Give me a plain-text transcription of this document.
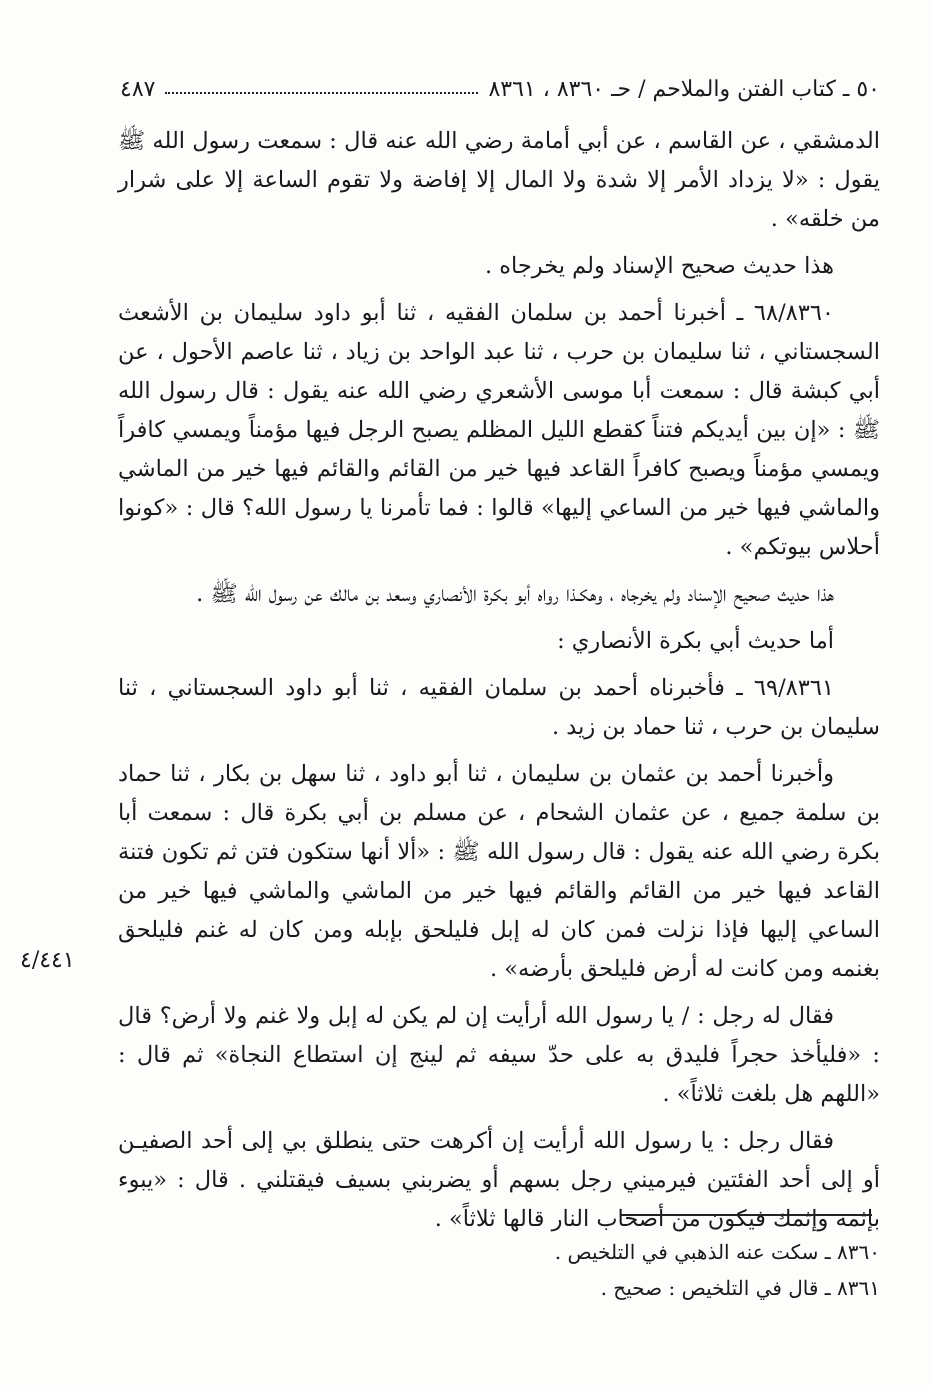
٥٠ ـ كتاب الفتن والملاحم / حـ ٨٣٦٠ ، ٨٣٦١
٤٨٧

الدمشقي ، عن القاسم ، عن أبي أمامة رضي الله عنه قال : سمعت رسول الله ﷺ يقول : «لا يزداد الأمر إلا شدة ولا المال إلا إفاضة ولا تقوم الساعة إلا على شرار من خلقه» .

هذا حديث صحيح الإسناد ولم يخرجاه .

٦٨/٨٣٦٠ ـ أخبرنا أحمد بن سلمان الفقيه ، ثنا أبو داود سليمان بن الأشعث السجستاني ، ثنا سليمان بن حرب ، ثنا عبد الواحد بن زياد ، ثنا عاصم الأحول ، عن أبي كبشة قال : سمعت أبا موسى الأشعري رضي الله عنه يقول : قال رسول الله ﷺ : «إن بين أيديكم فتناً كقطع الليل المظلم يصبح الرجل فيها مؤمناً ويمسي كافراً ويمسي مؤمناً ويصبح كافراً القاعد فيها خير من القائم والقائم فيها خير من الماشي والماشي فيها خير من الساعي إليها» قالوا : فما تأمرنا يا رسول الله؟ قال : «كونوا أحلاس بيوتكم» .

هذا حديث صحيح الإسناد ولم يخرجاه ، وهكـذا رواه أبو بكرة الأنصاري وسعد بن مالك عن رسول الله ﷺ .

أما حديث أبي بكرة الأنصاري :

٦٩/٨٣٦١ ـ فأخبرناه أحمد بن سلمان الفقيه ، ثنا أبو داود السجستاني ، ثنا سليمان بن حرب ، ثنا حماد بن زيد .

وأخبرنا أحمد بن عثمان بن سليمان ، ثنا أبو داود ، ثنا سهل بن بكار ، ثنا حماد بن سلمة جميع ، عن عثمان الشحام ، عن مسلم بن أبي بكرة قال : سمعت أبا بكرة رضي الله عنه يقول : قال رسول الله ﷺ : «ألا أنها ستكون فتن ثم تكون فتنة القاعد فيها خير من القائم والقائم فيها خير من الماشي والماشي فيها خير من الساعي إليها فإذا نزلت فمن كان له إبل فليلحق بإبله ومن كان له غنم فليلحق بغنمه ومن كانت له أرض فليلحق بأرضه» .

فقال له رجل : / يا رسول الله أرأيت إن لم يكن له إبل ولا غنم ولا أرض؟ قال : «فليأخذ حجراً فليدق به على حدّ سيفه ثم لينج إن استطاع النجاة» ثم قال : «اللهم هل بلغت ثلاثاً» .

فقال رجل : يا رسول الله أرأيت إن أكرهت حتى ينطلق بي إلى أحد الصفيـن أو إلى أحد الفئتين فيرميني رجل بسهم أو يضربني بسيف فيقتلني . قال : «يبوء بإثمه وإثمك فيكون من أصحاب النار قالها ثلاثاً» .

٤/٤٤١
٨٣٦٠ ـ سكت عنه الذهبي في التلخيص .
٨٣٦١ ـ قال في التلخيص : صحيح .
